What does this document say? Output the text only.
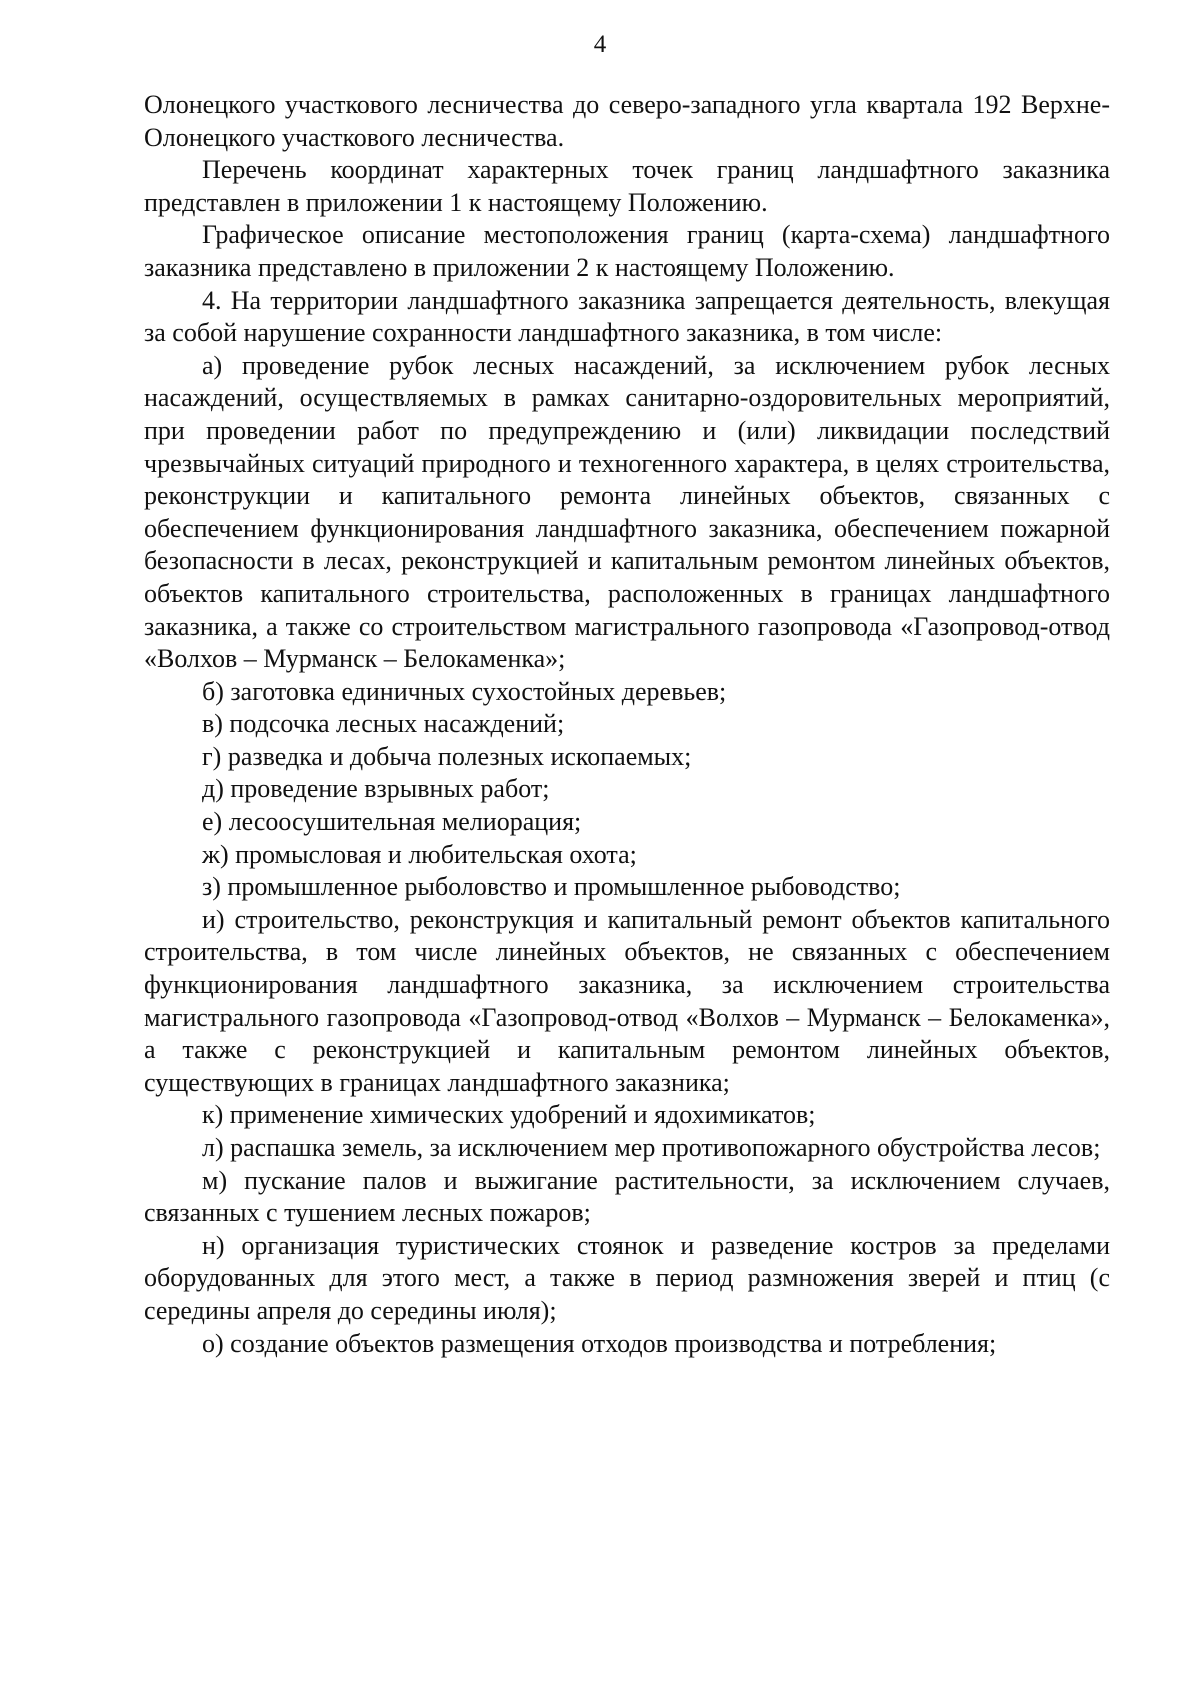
4

Олонецкого участкового лесничества до северо-западного угла квартала 192 Верхне-Олонецкого участкового лесничества.

Перечень координат характерных точек границ ландшафтного заказника представлен в приложении 1 к настоящему Положению.

Графическое описание местоположения границ (карта-схема) ландшафтного заказника представлено в приложении 2 к настоящему Положению.

4. На территории ландшафтного заказника запрещается деятельность, влекущая за собой нарушение сохранности ландшафтного заказника, в том числе:

а) проведение рубок лесных насаждений, за исключением рубок лесных насаждений, осуществляемых в рамках санитарно-оздоровительных мероприятий, при проведении работ по предупреждению и (или) ликвидации последствий чрезвычайных ситуаций природного и техногенного характера, в целях строительства, реконструкции и капитального ремонта линейных объектов, связанных с обеспечением функционирования ландшафтного заказника, обеспечением пожарной безопасности в лесах, реконструкцией и капитальным ремонтом линейных объектов, объектов капитального строительства, расположенных в границах ландшафтного заказника, а также со строительством магистрального газопровода «Газопровод-отвод «Волхов – Мурманск – Белокаменка»;

б) заготовка единичных сухостойных деревьев;

в) подсочка лесных насаждений;

г) разведка и добыча полезных ископаемых;

д) проведение взрывных работ;

е) лесоосушительная мелиорация;

ж) промысловая и любительская охота;

з) промышленное рыболовство и промышленное рыбоводство;

и) строительство, реконструкция и капитальный ремонт объектов капитального строительства, в том числе линейных объектов, не связанных с обеспечением функционирования ландшафтного заказника, за исключением строительства магистрального газопровода «Газопровод-отвод «Волхов – Мурманск – Белокаменка», а также с реконструкцией и капитальным ремонтом линейных объектов, существующих в границах ландшафтного заказника;

к) применение химических удобрений и ядохимикатов;

л) распашка земель, за исключением мер противопожарного обустройства лесов;

м) пускание палов и выжигание растительности, за исключением случаев, связанных с тушением лесных пожаров;

н) организация туристических стоянок и разведение костров за пределами оборудованных для этого мест, а также в период размножения зверей и птиц (с середины апреля до середины июля);

о) создание объектов размещения отходов производства и потребления;
